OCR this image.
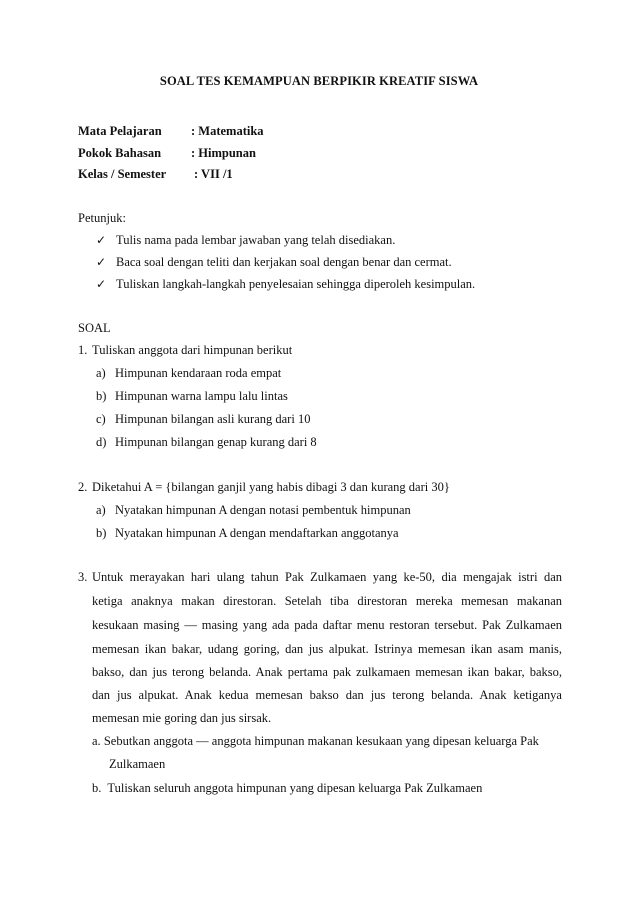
SOAL TES KEMAMPUAN BERPIKIR KREATIF SISWA
Mata Pelajaran : Matematika
Pokok Bahasan : Himpunan
Kelas / Semester : VII /1
Petunjuk:
✓ Tulis nama pada lembar jawaban yang telah disediakan.
✓ Baca soal dengan teliti dan kerjakan soal dengan benar dan cermat.
✓ Tuliskan langkah-langkah penyelesaian sehingga diperoleh kesimpulan.
SOAL
1. Tuliskan anggota dari himpunan berikut
a) Himpunan kendaraan roda empat
b) Himpunan warna lampu lalu lintas
c) Himpunan bilangan asli kurang dari 10
d) Himpunan bilangan genap kurang dari 8
2. Diketahui A = {bilangan ganjil yang habis dibagi 3 dan kurang dari 30}
a) Nyatakan himpunan A dengan notasi pembentuk himpunan
b) Nyatakan himpunan A dengan mendaftarkan anggotanya
3. Untuk merayakan hari ulang tahun Pak Zulkamaen yang ke-50, dia mengajak istri dan
ketiga anaknya makan direstoran. Setelah tiba direstoran mereka memesan makanan
kesukaan masing — masing yang ada pada daftar menu restoran tersebut. Pak Zulkamaen
memesan ikan bakar, udang goring, dan jus alpukat. Istrinya memesan ikan asam manis,
bakso, dan jus terong belanda. Anak pertama pak zulkamaen memesan ikan bakar, bakso,
dan jus alpukat. Anak kedua memesan bakso dan jus terong belanda. Anak ketiganya
memesan mie goring dan jus sirsak.
a. Sebutkan anggota — anggota himpunan makanan kesukaan yang dipesan keluarga Pak
Zulkamaen
b. Tuliskan seluruh anggota himpunan yang dipesan keluarga Pak Zulkamaen
